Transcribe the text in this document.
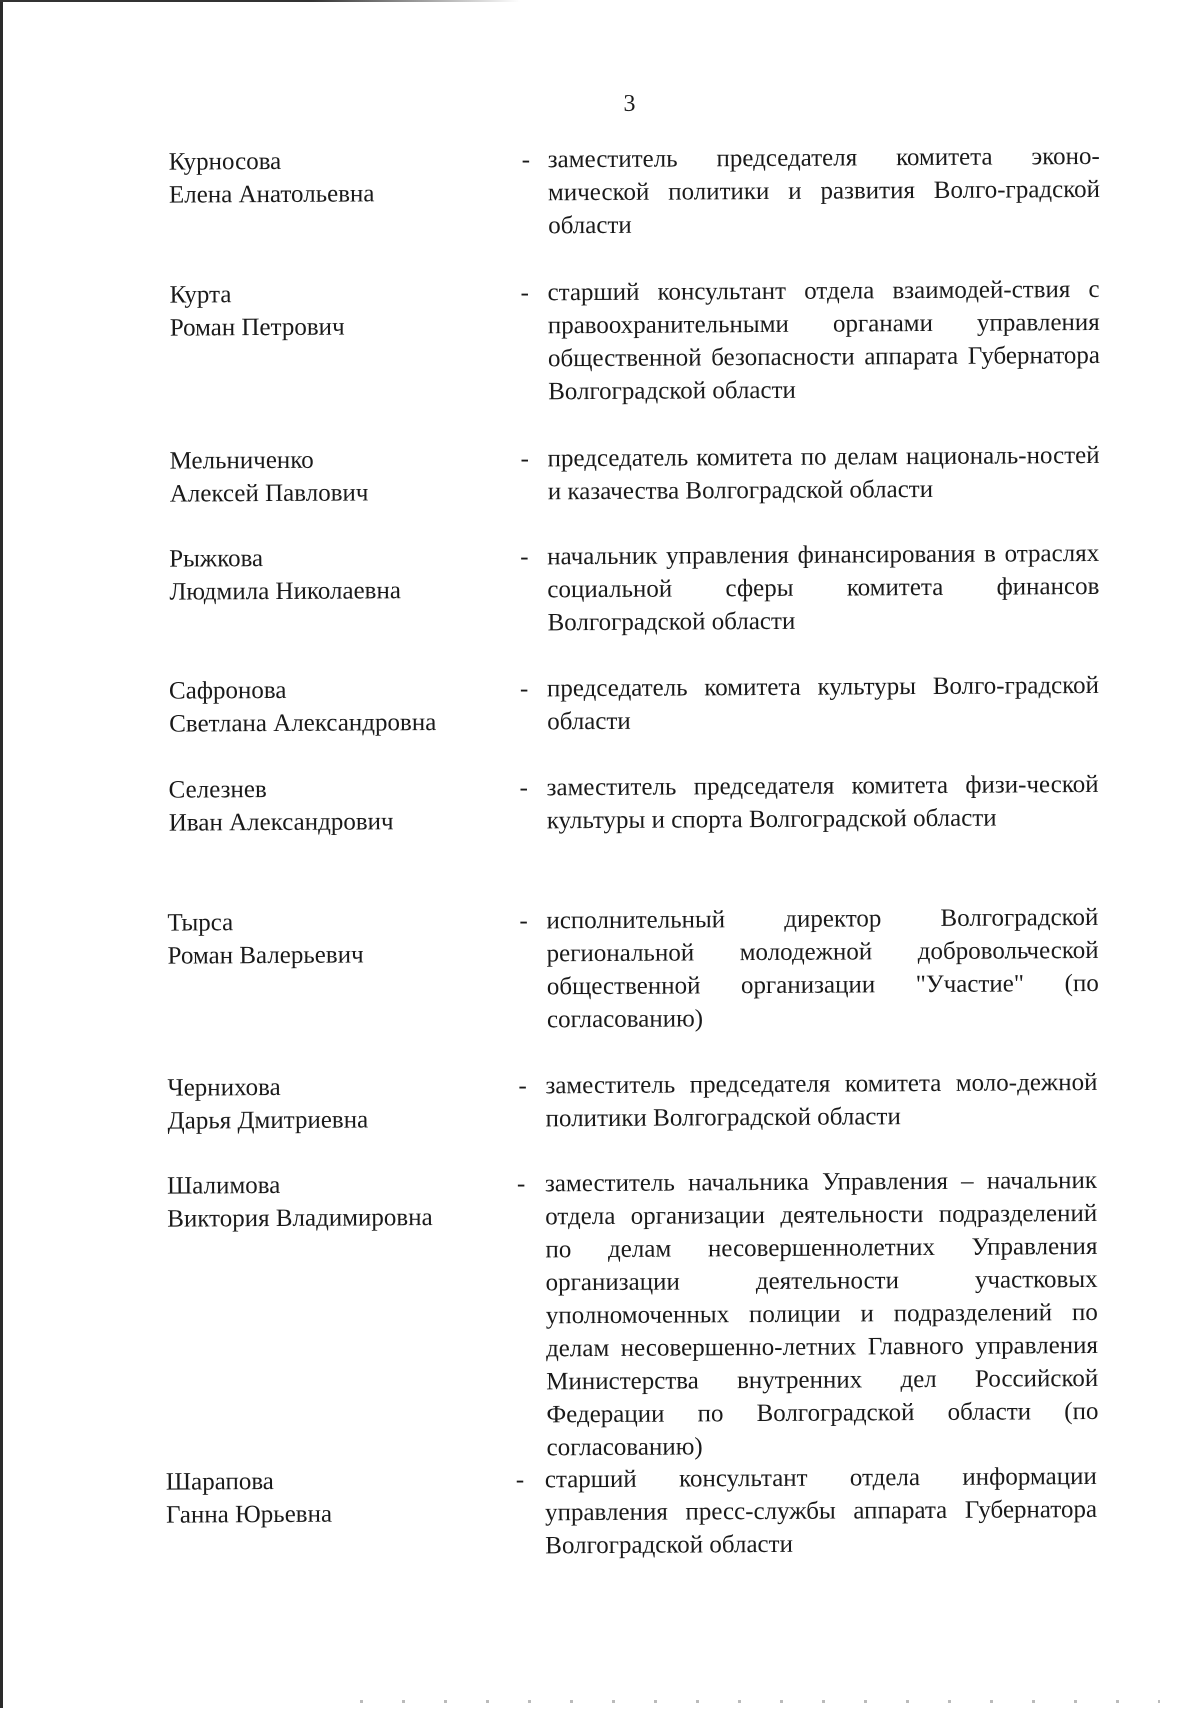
3
Курносова
Елена Анатольевна
- заместитель председателя комитета эконо-мической политики и развития Волго-градской области
Курта
Роман Петрович
- старший консультант отдела взаимодей-ствия с правоохранительными органами управления общественной безопасности аппарата Губернатора Волгоградской области
Мельниченко
Алексей Павлович
- председатель комитета по делам националь-ностей и казачества Волгоградской области
Рыжкова
Людмила Николаевна
- начальник управления финансирования в отраслях социальной сферы комитета финансов Волгоградской области
Сафронова
Светлана Александровна
- председатель комитета культуры Волго-градской области
Селезнев
Иван Александрович
- заместитель председателя комитета физи-ческой культуры и спорта Волгоградской области
Тырса
Роман Валерьевич
- исполнительный директор Волгоградской региональной молодежной добровольческой общественной организации "Участие" (по согласованию)
Чернихова
Дарья Дмитриевна
- заместитель председателя комитета моло-дежной политики Волгоградской области
Шалимова
Виктория Владимировна
- заместитель начальника Управления – начальник отдела организации деятельности подразделений по делам несовершеннолетних Управления организации деятельности участковых уполномоченных полиции и подразделений по делам несовершенно-летних Главного управления Министерства внутренних дел Российской Федерации по Волгоградской области (по согласованию)
Шарапова
Ганна Юрьевна
- старший консультант отдела информации управления пресс-службы аппарата Губернатора Волгоградской области
